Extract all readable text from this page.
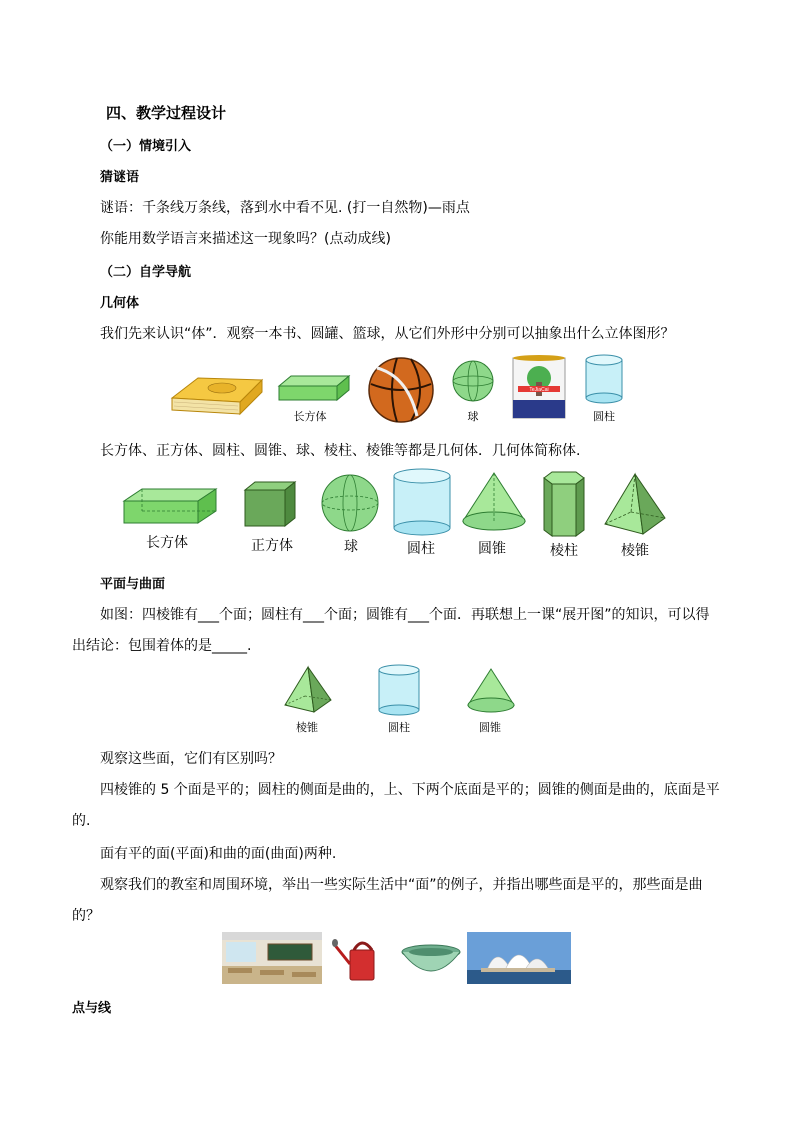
四、教学过程设计
（一）情境引入
猜谜语
谜语：千条线万条线，落到水中看不见. (打一自然物)—雨点
你能用数学语言来描述这一现象吗？(点动成线)
（二）自学导航
几何体
我们先来认识“体”．观察一本书、圆罐、篮球，从它们外形中分别可以抽象出什么立体图形？
长方体	球
TeJiaCai
圆柱
长方体、正方体、圆柱、圆锥、球、棱柱、棱锥等都是几何体．几何体简称体.
长方体	正方体	球	圆柱	圆锥	棱柱	棱锥
平面与曲面
如图：四棱锥有___个面；圆柱有___个面；圆锥有___个面．再联想上一课“展开图”的知识，可以得
出结论：包围着体的是_____.
棱锥	圆柱	圆锥
观察这些面，它们有区别吗？
四棱锥的 5 个面是平的；圆柱的侧面是曲的，上、下两个底面是平的；圆锥的侧面是曲的，底面是平
的.
面有平的面(平面)和曲的面(曲面)两种.
观察我们的教室和周围环境，举出一些实际生活中“面”的例子，并指出哪些面是平的，那些面是曲
的？
点与线
